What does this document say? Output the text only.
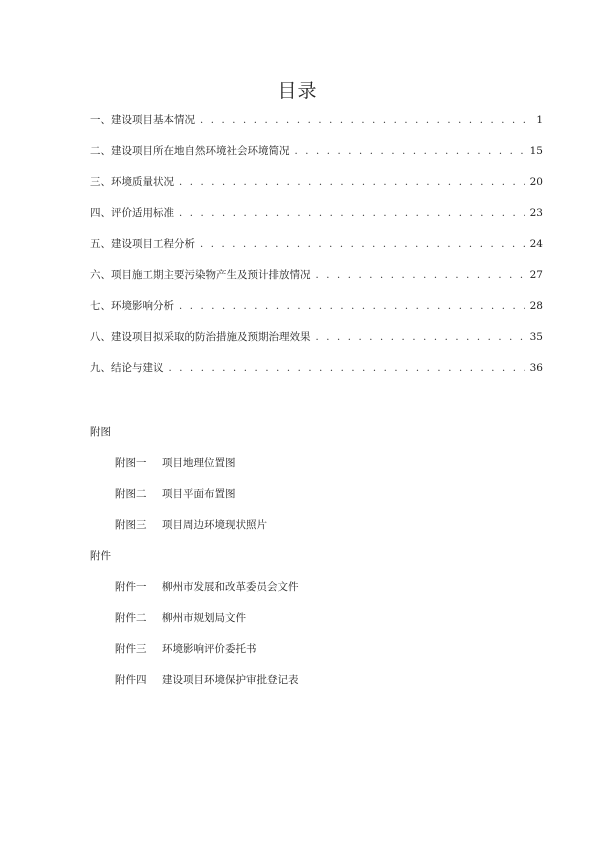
目录
一、建设项目基本情况 . . .	1
二、建设项目所在地自然环境社会环境简况 . . .	15
三、环境质量状况 . . .	20
四、评价适用标准 . . .	23
五、建设项目工程分析 . . .	24
六、项目施工期主要污染物产生及预计排放情况 . . .	27
七、环境影响分析 . . .	28
八、建设项目拟采取的防治措施及预期治理效果 . . .	35
九、结论与建议 . . .	36
附图
附图一	项目地理位置图
附图二	项目平面布置图
附图三	项目周边环境现状照片
附件
附件一	柳州市发展和改革委员会文件
附件二	柳州市规划局文件
附件三	环境影响评价委托书
附件四	建设项目环境保护审批登记表
